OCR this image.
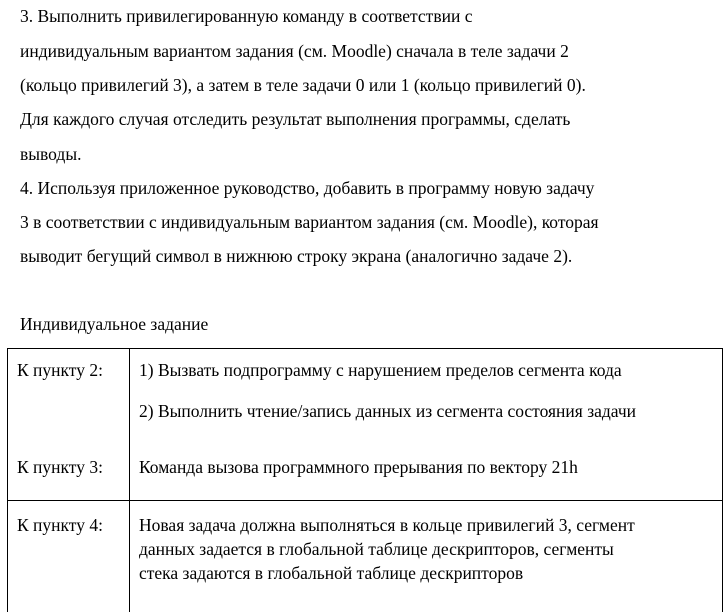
3. Выполнить привилегированную команду в соответствии с
индивидуальным вариантом задания (см. Moodle) сначала в теле задачи 2
(кольцо привилегий 3), а затем в теле задачи 0 или 1 (кольцо привилегий 0).
Для каждого случая отследить результат выполнения программы, сделать
выводы.
4. Используя приложенное руководство, добавить в программу новую задачу
3 в соответствии с индивидуальным вариантом задания (см. Moodle), которая
выводит бегущий символ в нижнюю строку экрана (аналогично задаче 2).
Индивидуальное задание
К пункту 2: 1) Вызвать подпрограмму с нарушением пределов сегмента кода
2) Выполнить чтение/запись данных из сегмента состояния задачи
К пункту 3: Команда вызова программного прерывания по вектору 21h
К пункту 4: Новая задача должна выполняться в кольце привилегий 3, сегмент
данных задается в глобальной таблице дескрипторов, сегменты
стека задаются в глобальной таблице дескрипторов
